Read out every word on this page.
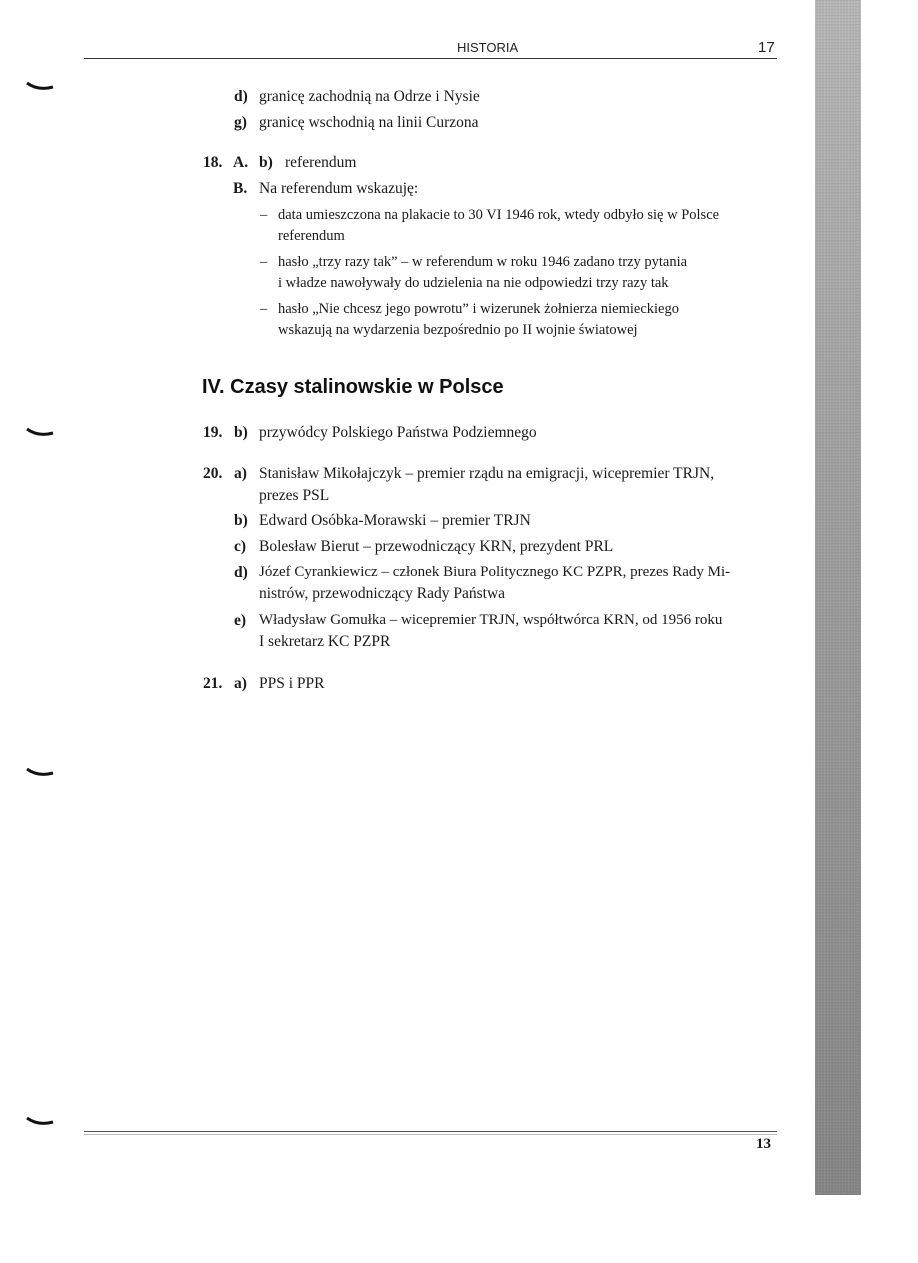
HISTORIA	17
d) granicę zachodnią na Odrze i Nysie
g) granicę wschodnią na linii Curzona
18. A. b) referendum
B. Na referendum wskazuję:
– data umieszczona na plakacie to 30 VI 1946 rok, wtedy odbyło się w Polsce
referendum
– hasło „trzy razy tak” – w referendum w roku 1946 zadano trzy pytania
i władze nawoływały do udzielenia na nie odpowiedzi trzy razy tak
– hasło „Nie chcesz jego powrotu” i wizerunek żołnierza niemieckiego
wskazują na wydarzenia bezpośrednio po II wojnie światowej
IV. Czasy stalinowskie w Polsce
19. b) przywódcy Polskiego Państwa Podziemnego
20. a) Stanisław Mikołajczyk – premier rządu na emigracji, wicepremier TRJN,
prezes PSL
b) Edward Osóbka-Morawski – premier TRJN
c) Bolesław Bierut – przewodniczący KRN, prezydent PRL
d) Józef Cyrankiewicz – członek Biura Politycznego KC PZPR, prezes Rady Mi-
nistrów, przewodniczący Rady Państwa
e) Władysław Gomułka – wicepremier TRJN, współtwórca KRN, od 1956 roku
I sekretarz KC PZPR
21. a) PPS i PPR
13
